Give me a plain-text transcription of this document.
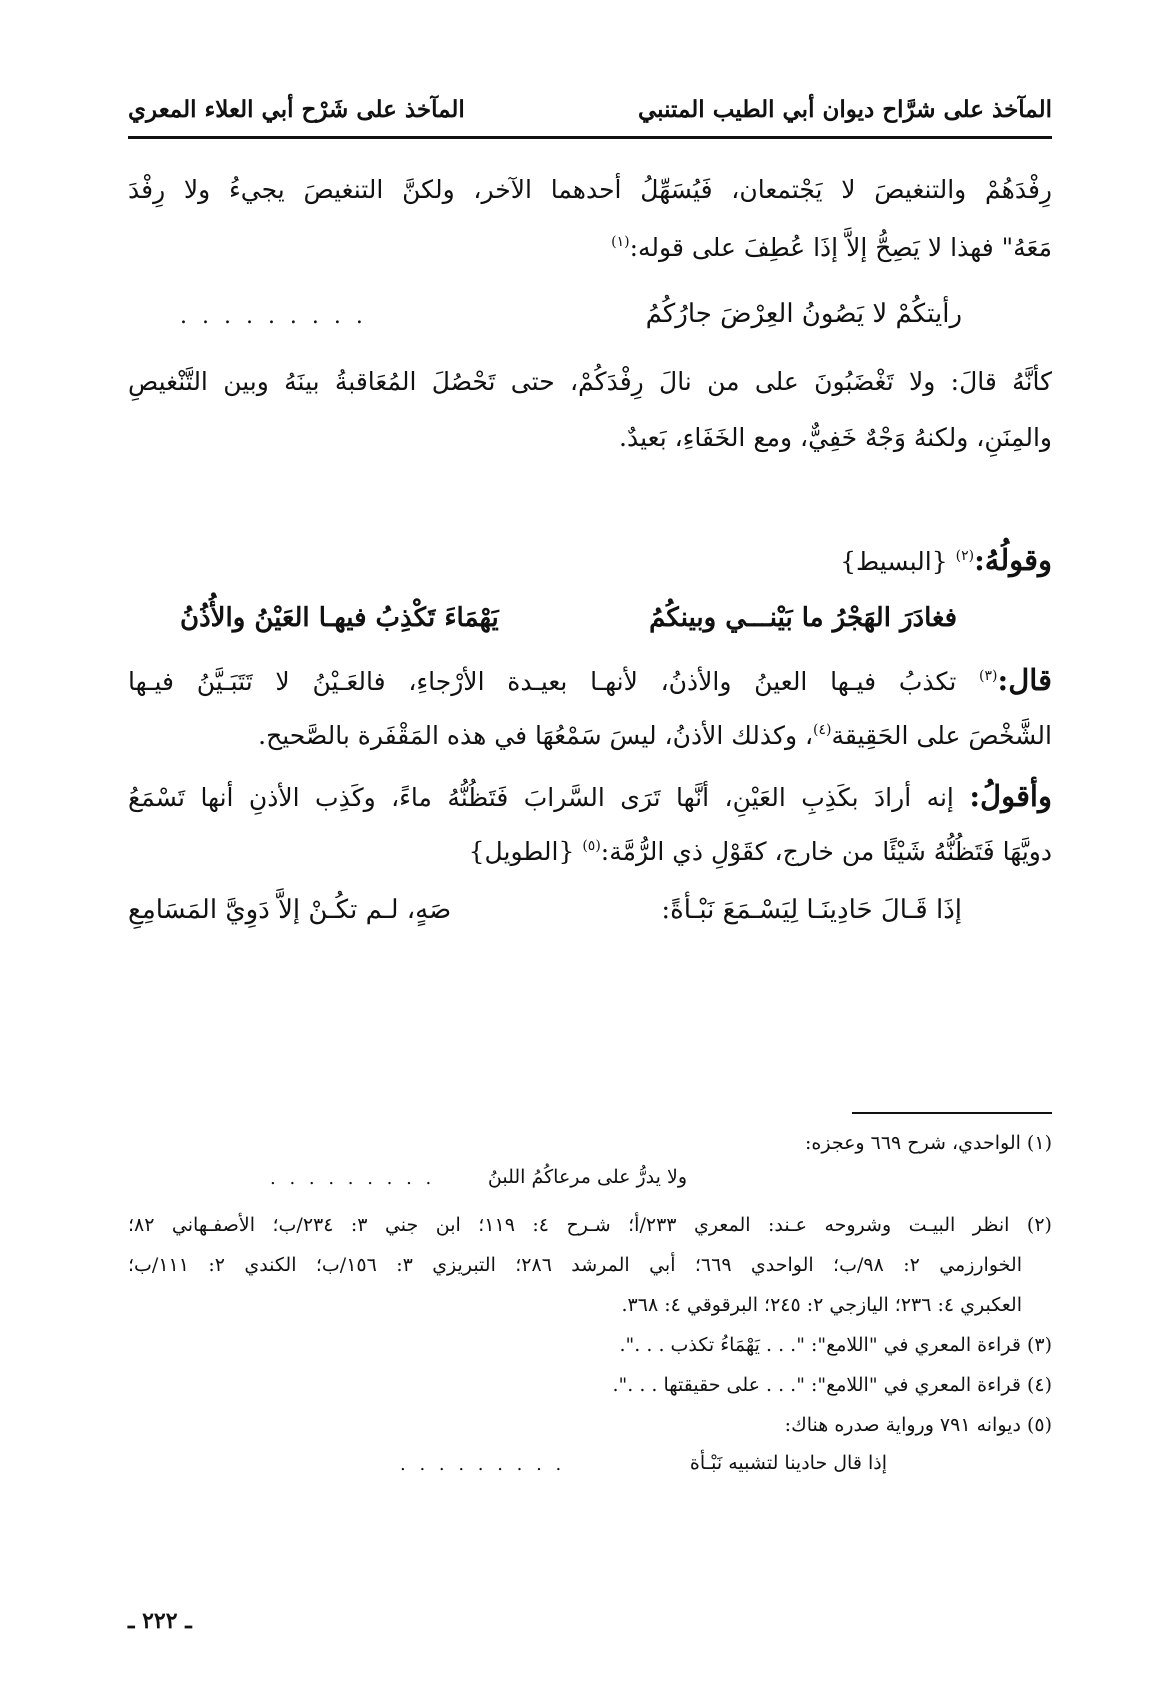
المآخذ على شرَّاح ديوان أبي الطيب المتنبي
المآخذ على شَرْح أبي العلاء المعري
رِفْدَهُمْ والتنغيصَ لا يَجْتمعان، فَيُسَهِّلُ أحدهما الآخر، ولكنَّ التنغيصَ يجيءُ ولا رِفْدَ
مَعَهُ" فهذا لا يَصِحُّ إلاَّ إذَا عُطِفَ على قوله:$^{(١)}$
رأيتكُمْ لا يَصُونُ العِرْضَ جارُكُمُ
. . . . . . . . .
كأنَّهُ قالَ: ولا تَغْضَبُونَ على من نالَ رِفْدَكُمْ، حتى تَحْصُلَ المُعَاقبةُ بينَهُ وبين التَّنْغيصِ
والمِنَنِ، ولكنهُ وَجْهٌ خَفِيٌّ، ومع الخَفَاءِ، بَعيدٌ.
وقولُهُ:$^{(٢)}$ {البسيط}
فغادَرَ الهَجْرُ ما بَيْنـــي وبينكُمُ
يَهْمَاءَ تَكْذِبُ فيهـا العَيْنُ والأُذُنُ
قال:$^{(٣)}$ تكذبُ فيـها العينُ والأذنُ، لأنهـا بعيـدة الأرْجاءِ، فالعَـيْنُ لا تَتَبَـيَّنُ فيـها
الشَّخْصَ على الحَقِيقة$^{(٤)}$، وكذلك الأذنُ، ليسَ سَمْعُهَا في هذه المَقْفَرة بالصَّحيح.
وأقولُ: إنه أرادَ بكَذِبِ العَيْنِ، أنَّها تَرَى السَّرابَ فَتَظُنُّهُ ماءً، وكَذِب الأذنِ أنها تَسْمَعُ
دويَّهَا فَتَظُنُّهُ شَيْئًا من خارج، كقَوْلِ ذي الرُّمَّة:$^{(٥)}$ {الطويل}
إذَا قَـالَ حَادِينَـا لِيَسْـمَعَ نَبْـأةً:
صَهٍ، لـم تكُـنْ إلاَّ دَوِيَّ المَسَامِعِ
(١) الواحدي، شرح ٦٦٩ وعجزه:
ولا يدرُّ على مرعاكُمُ اللبنُ
. . . . . . . . .
(٢) انظر البيـت وشروحه عـند: المعري ٢٣٣/أ؛ شـرح ٤: ١١٩؛ ابن جني ٣: ٢٣٤/ب؛ الأصفـهاني ٨٢؛
الخوارزمي ٢: ٩٨/ب؛ الواحدي ٦٦٩؛ أبي المرشد ٢٨٦؛ التبريزي ٣: ١٥٦/ب؛ الكندي ٢: ١١١/ب؛
العكبري ٤: ٢٣٦؛ اليازجي ٢: ٢٤٥؛ البرقوقي ٤: ٣٦٨.
(٣) قراءة المعري في "اللامع": ". . . يَهْمَاءُ تكذب . . .".
(٤) قراءة المعري في "اللامع": ". . . على حقيقتها . . .".
(٥) ديوانه ٧٩١ ورواية صدره هناك:
إذا قال حادينا لتشبيه نَبْـأة
. . . . . . . . .
ـ ٢٢٢ ـ
